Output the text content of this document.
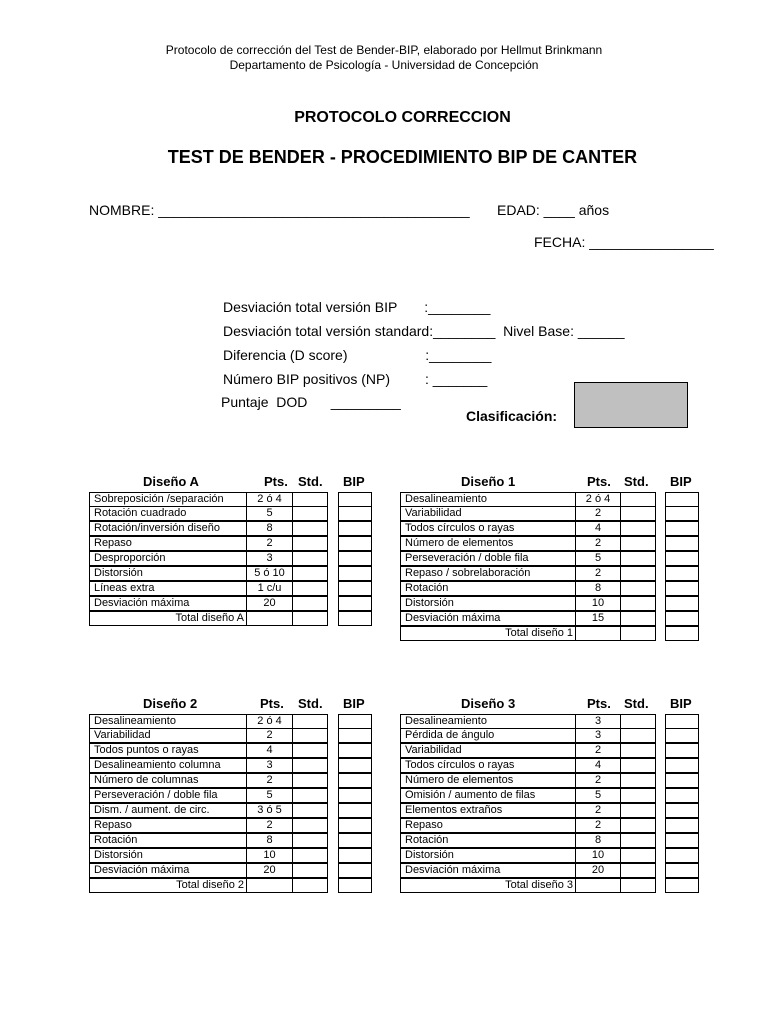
Protocolo de corrección del Test de Bender-BIP, elaborado por Hellmut Brinkmann
Departamento de Psicología - Universidad de Concepción
PROTOCOLO CORRECCION
TEST DE BENDER - PROCEDIMIENTO BIP DE CANTER
NOMBRE: ________________________________________ EDAD: ____ años
FECHA: ________________
Desviación total versión BIP       :________
Desviación total versión standard:________  Nivel Base: ______
Diferencia (D score)                    :________
Número BIP positivos (NP)         : _______
Puntaje  DOD      _________
Clasificación:
Diseño A	Pts. Std. BIP
Sobreposición /separación	2 ó 4
Rotación cuadrado	5
Rotación/inversión diseño	8
Repaso	2
Desproporción	3
Distorsión	5 ó 10
Líneas extra	1 c/u
Desviación máxima	20
Total diseño A
Diseño 1	Pts. Std. BIP
Desalineamiento	2 ó 4
Variabilidad	2
Todos círculos o rayas	4
Número de elementos	2
Perseveración / doble fila	5
Repaso / sobrelaboración	2
Rotación	8
Distorsión	10
Desviación máxima	15
Total diseño 1
Diseño 2	Pts. Std. BIP
Desalineamiento	2 ó 4
Variabilidad	2
Todos puntos o rayas	4
Desalineamiento columna	3
Número de columnas	2
Perseveración / doble fila	5
Dism. / aument. de circ.	3 ó 5
Repaso	2
Rotación	8
Distorsión	10
Desviación máxima	20
Total diseño 2
Diseño 3	Pts. Std. BIP
Desalineamiento	3
Pérdida de ángulo	3
Variabilidad	2
Todos círculos o rayas	4
Número de elementos	2
Omisión / aumento de filas	5
Elementos extraños	2
Repaso	2
Rotación	8
Distorsión	10
Desviación máxima	20
Total diseño 3
